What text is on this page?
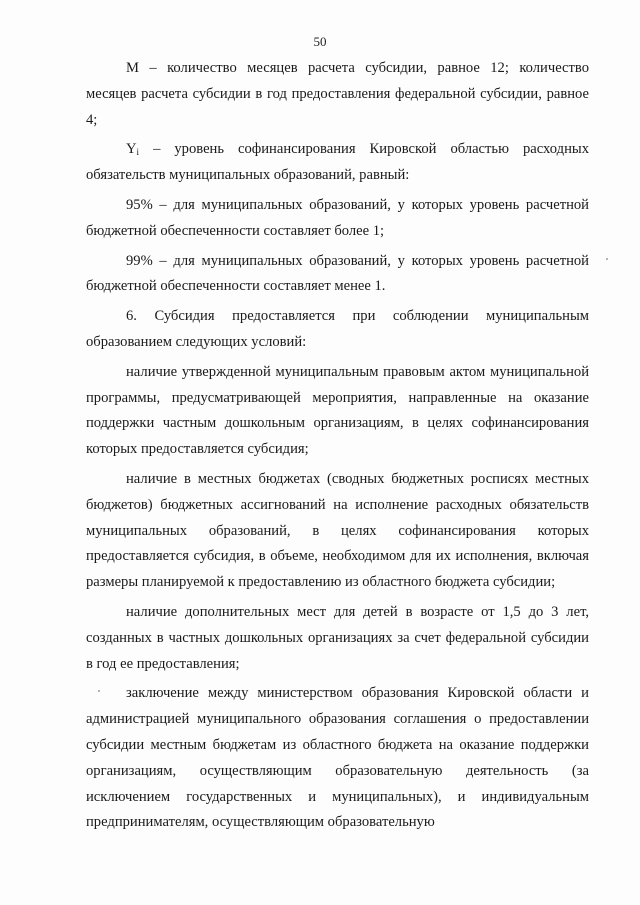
50

M – количество месяцев расчета субсидии, равное 12; количество месяцев расчета субсидии в год предоставления федеральной субсидии, равное 4;

$Y_i$ – уровень софинансирования Кировской областью расходных обязательств муниципальных образований, равный:

95% – для муниципальных образований, у которых уровень расчетной бюджетной обеспеченности составляет более 1;

99% – для муниципальных образований, у которых уровень расчетной бюджетной обеспеченности составляет менее 1.

6. Субсидия предоставляется при соблюдении муниципальным образованием следующих условий:

наличие утвержденной муниципальным правовым актом муниципальной программы, предусматривающей мероприятия, направленные на оказание поддержки частным дошкольным организациям, в целях софинансирования которых предоставляется субсидия;

наличие в местных бюджетах (сводных бюджетных росписях местных бюджетов) бюджетных ассигнований на исполнение расходных обязательств муниципальных образований, в целях софинансирования которых предоставляется субсидия, в объеме, необходимом для их исполнения, включая размеры планируемой к предоставлению из областного бюджета субсидии;

наличие дополнительных мест для детей в возрасте от 1,5 до 3 лет, созданных в частных дошкольных организациях за счет федеральной субсидии в год ее предоставления;

заключение между министерством образования Кировской области и администрацией муниципального образования соглашения о предоставлении субсидии местным бюджетам из областного бюджета на оказание поддержки организациям, осуществляющим образовательную деятельность (за исключением государственных и муниципальных), и индивидуальным предпринимателям, осуществляющим образовательную
